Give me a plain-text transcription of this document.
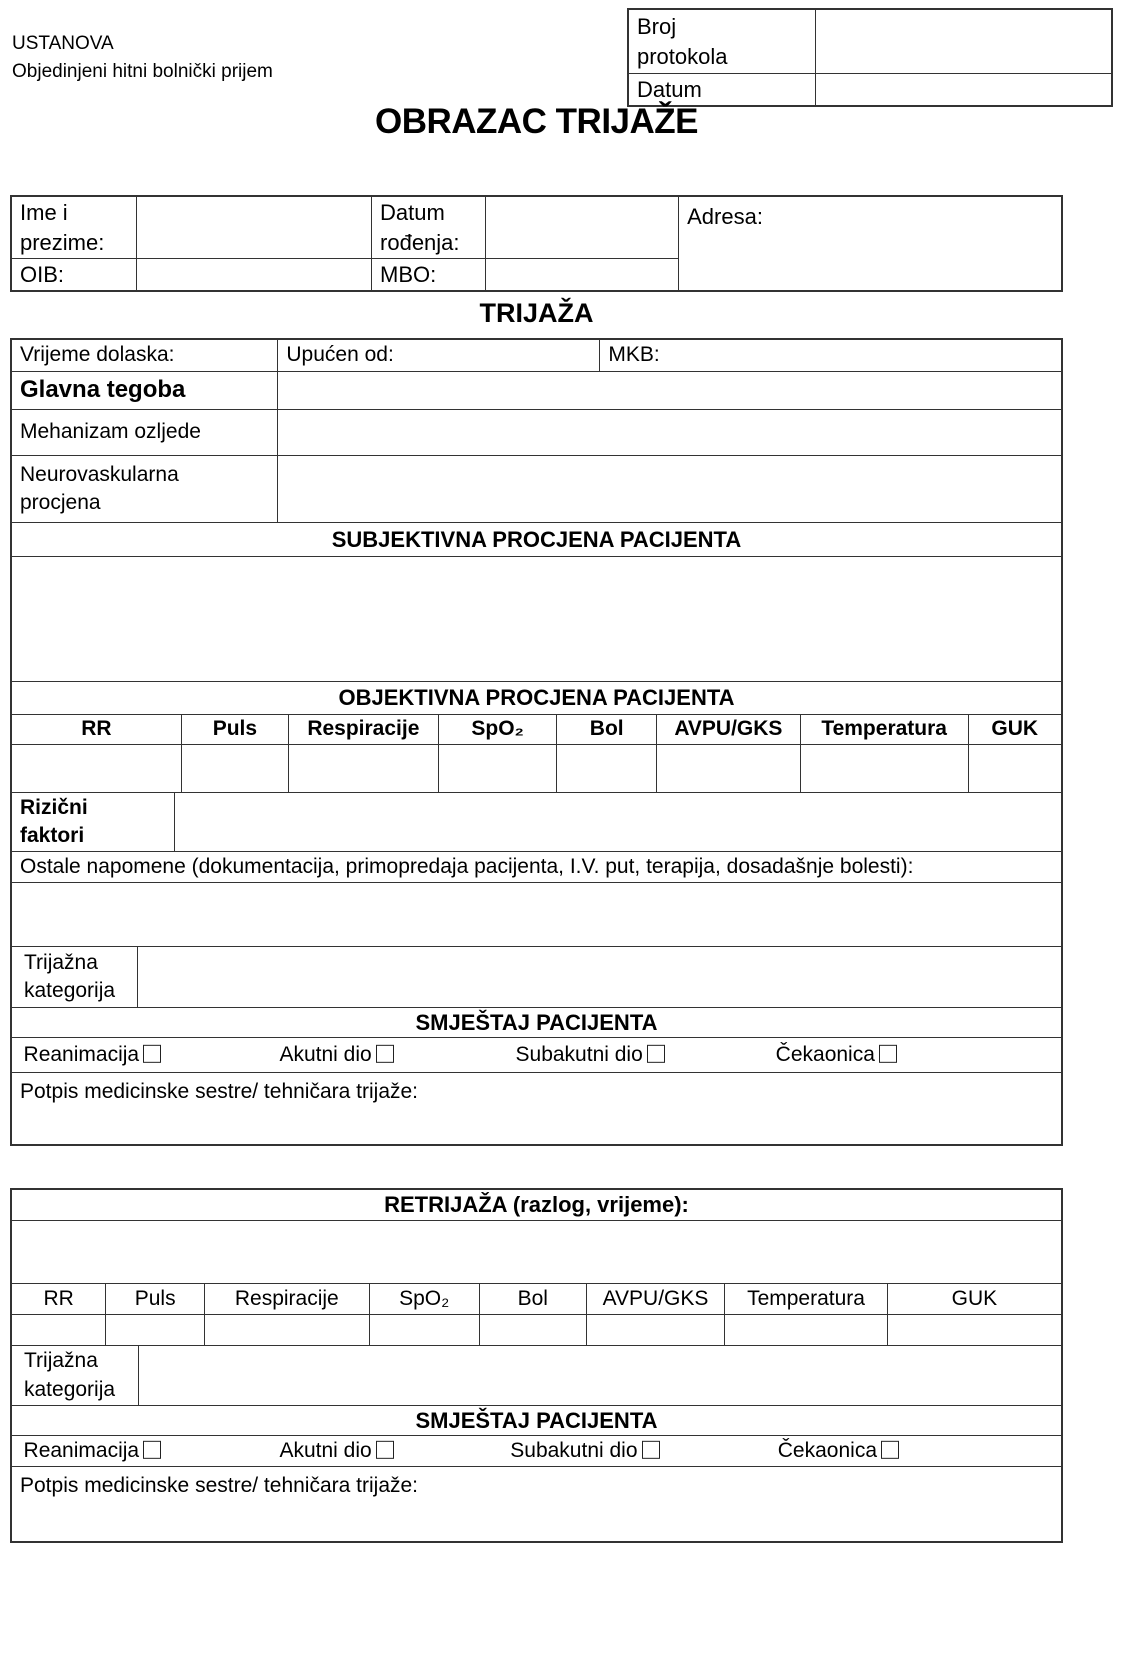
USTANOVA
Objedinjeni hitni bolnički prijem
Broj protokola
Datum
OBRAZAC TRIJAŽE
Ime i prezime:
Datum rođenja:
OIB:	MBO:
Adresa:
TRIJAŽA
Vrijeme dolaska:	Upućen od:	MKB:
Glavna tegoba
Mehanizam ozljede
Neurovaskularna procjena
SUBJEKTIVNA PROCJENA PACIJENTA
OBJEKTIVNA PROCJENA PACIJENTA
RR	Puls	Respiracije	SpO₂	Bol	AVPU/GKS	Temperatura	GUK
Rizični faktori
Ostale napomene (dokumentacija, primopredaja pacijenta, I.V. put, terapija, dosadašnje bolesti):
Trijažna kategorija
SMJEŠTAJ PACIJENTA
Reanimacija	Akutni dio	Subakutni dio	Čekaonica
Potpis medicinske sestre/ tehničara trijaže:
RETRIJAŽA (razlog, vrijeme):
RR	Puls	Respiracije	SpO₂	Bol	AVPU/GKS	Temperatura	GUK
Trijažna kategorija
SMJEŠTAJ PACIJENTA
Reanimacija	Akutni dio	Subakutni dio	Čekaonica
Potpis medicinske sestre/ tehničara trijaže:
